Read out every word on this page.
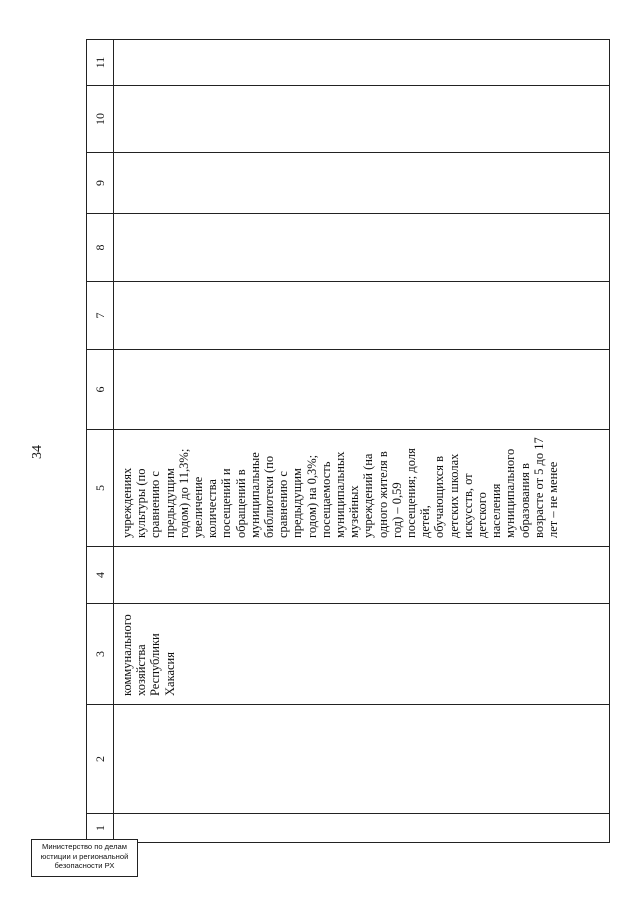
34
1	2	3	4	5	6	7	8	9	10	11

		коммунального хозяйства Республики Хакасия		учреждениях культуры (по сравнению с предыдущим годом) до 11,3%; увеличение количества посещений и обращений в муниципальные библиотеки (по сравнению с предыдущим годом) на 0,3%; посещаемость муниципальных музейных учреждений (на одного жителя в год) – 0,59 посещения; доля детей, обучающихся в детских школах искусств, от детского населения муниципального образования в возрасте от 5 до 17 лет – не менее						

Министерство по делам
юстиции и региональной
безопасности РХ
